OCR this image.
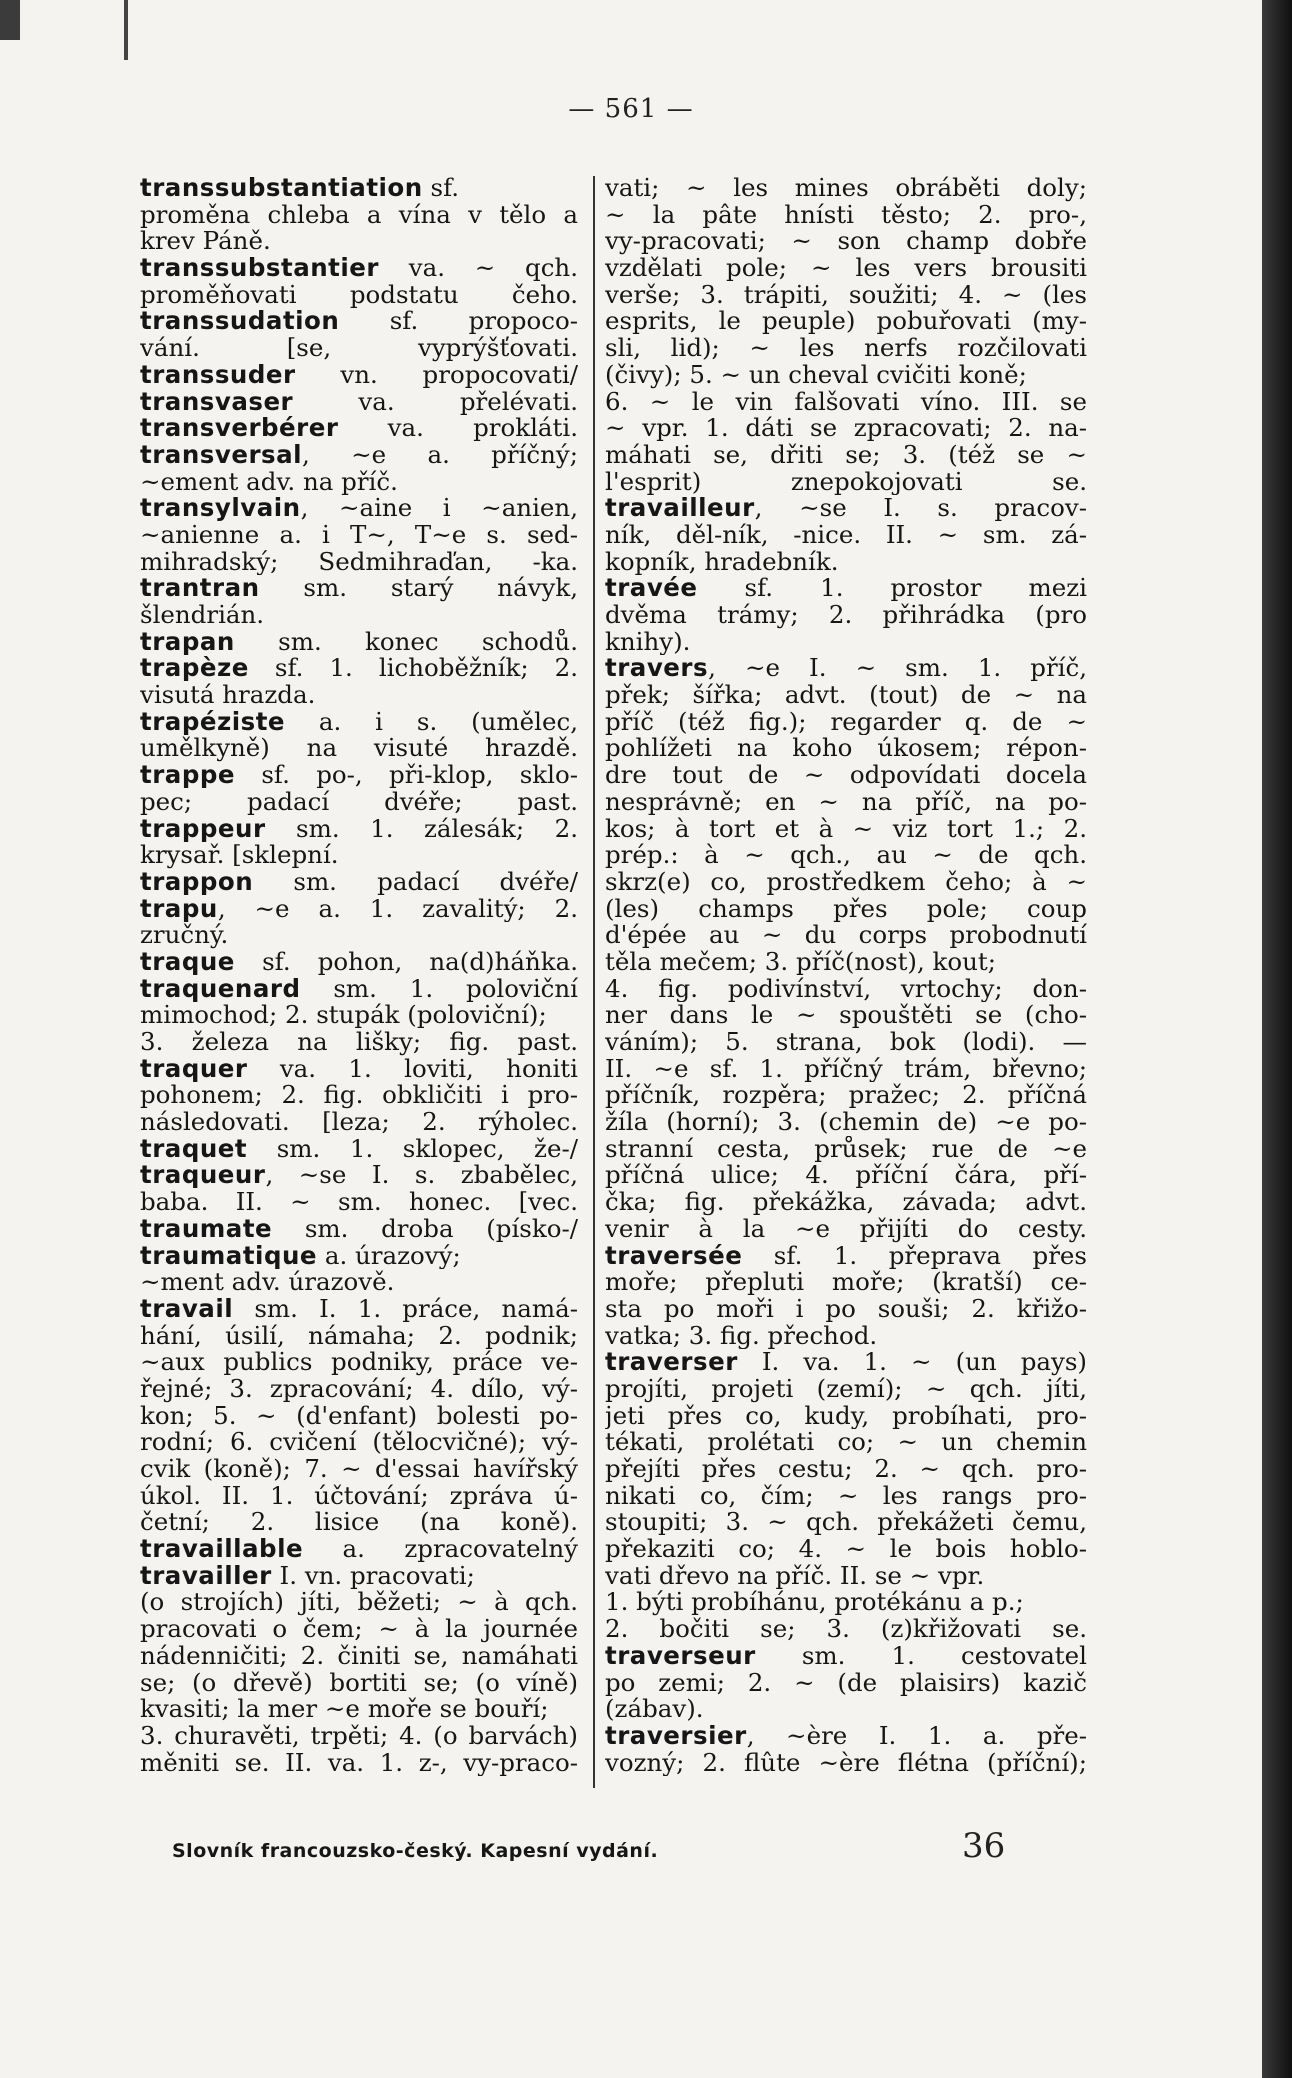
— 561 —
transsubstantiation sf.
proměna chleba a vína v tělo a
krev Páně.
transsubstantier va. ~ qch.
proměňovati podstatu čeho.
transsudation sf. propoco-
vání. [se, vyprýšťovati.
transsuder vn. propocovati/
transvaser va. přelévati.
transverbérer va. prokláti.
transversal, ~e a. příčný;
~ement adv. na příč.
transylvain, ~aine i ~anien,
~anienne a. i T~, T~e s. sed-
mihradský; Sedmihraďan, -ka.
trantran sm. starý návyk,
šlendrián.
trapan sm. konec schodů.
trapèze sf. 1. lichoběžník; 2.
visutá hrazda.
trapéziste a. i s. (umělec,
umělkyně) na visuté hrazdě.
trappe sf. po-, při-klop, sklo-
pec; padací dvéře; past.
trappeur sm. 1. zálesák; 2.
krysař. [sklepní.
trappon sm. padací dvéře/
trapu, ~e a. 1. zavalitý; 2.
zručný.
traque sf. pohon, na(d)háňka.
traquenard sm. 1. poloviční
mimochod; 2. stupák (poloviční);
3. železa na lišky; fig. past.
traquer va. 1. loviti, honiti
pohonem; 2. fig. obkličiti i pro-
následovati. [leza; 2. rýholec.
traquet sm. 1. sklopec, že-/
traqueur, ~se I. s. zbabělec,
baba. II. ~ sm. honec. [vec.
traumate sm. droba (písko-/
traumatique a. úrazový;
~ment adv. úrazově.
travail sm. I. 1. práce, namá-
hání, úsilí, námaha; 2. podnik;
~aux publics podniky, práce ve-
řejné; 3. zpracování; 4. dílo, vý-
kon; 5. ~ (d'enfant) bolesti po-
rodní; 6. cvičení (tělocvičné); vý-
cvik (koně); 7. ~ d'essai havířský
úkol. II. 1. účtování; zpráva ú-
četní; 2. lisice (na koně).
travaillable a. zpracovatelný
travailler I. vn. pracovati;
(o strojích) jíti, běžeti; ~ à qch.
pracovati o čem; ~ à la journée
nádenničiti; 2. činiti se, namáhati
se; (o dřevě) bortiti se; (o víně)
kvasiti; la mer ~e moře se bouří;
3. churavěti, trpěti; 4. (o barvách)
měniti se. II. va. 1. z-, vy-praco-
vati; ~ les mines obráběti doly;
~ la pâte hnísti těsto; 2. pro-,
vy-pracovati; ~ son champ dobře
vzdělati pole; ~ les vers brousiti
verše; 3. trápiti, soužiti; 4. ~ (les
esprits, le peuple) pobuřovati (my-
sli, lid); ~ les nerfs rozčilovati
(čivy); 5. ~ un cheval cvičiti koně;
6. ~ le vin falšovati víno. III. se
~ vpr. 1. dáti se zpracovati; 2. na-
máhati se, dřiti se; 3. (též se ~
l'esprit) znepokojovati se.
travailleur, ~se I. s. pracov-
ník, děl-ník, -nice. II. ~ sm. zá-
kopník, hradebník.
travée sf. 1. prostor mezi
dvěma trámy; 2. přihrádka (pro
knihy).
travers, ~e I. ~ sm. 1. příč,
přek; šířka; advt. (tout) de ~ na
příč (též fig.); regarder q. de ~
pohlížeti na koho úkosem; répon-
dre tout de ~ odpovídati docela
nesprávně; en ~ na příč, na po-
kos; à tort et à ~ viz tort 1.; 2.
prép.: à ~ qch., au ~ de qch.
skrz(e) co, prostředkem čeho; à ~
(les) champs přes pole; coup
d'épée au ~ du corps probodnutí
těla mečem; 3. příč(nost), kout;
4. fig. podivínství, vrtochy; don-
ner dans le ~ spouštěti se (cho-
váním); 5. strana, bok (lodi). —
II. ~e sf. 1. příčný trám, břevno;
příčník, rozpěra; pražec; 2. příčná
žíla (horní); 3. (chemin de) ~e po-
stranní cesta, průsek; rue de ~e
příčná ulice; 4. příční čára, pří-
čka; fig. překážka, závada; advt.
venir à la ~e přijíti do cesty.
traversée sf. 1. přeprava přes
moře; přepluti moře; (kratší) ce-
sta po moři i po souši; 2. křižo-
vatka; 3. fig. přechod.
traverser I. va. 1. ~ (un pays)
projíti, projeti (zemí); ~ qch. jíti,
jeti přes co, kudy, probíhati, pro-
tékati, prolétati co; ~ un chemin
přejíti přes cestu; 2. ~ qch. pro-
nikati co, čím; ~ les rangs pro-
stoupiti; 3. ~ qch. překážeti čemu,
překaziti co; 4. ~ le bois hoblo-
vati dřevo na příč. II. se ~ vpr.
1. býti probíhánu, protékánu a p.;
2. bočiti se; 3. (z)křižovati se.
traverseur sm. 1. cestovatel
po zemi; 2. ~ (de plaisirs) kazič
(zábav).
traversier, ~ère I. 1. a. pře-
vozný; 2. flûte ~ère flétna (příční);
Slovník francouzsko-český. Kapesní vydání.	36
